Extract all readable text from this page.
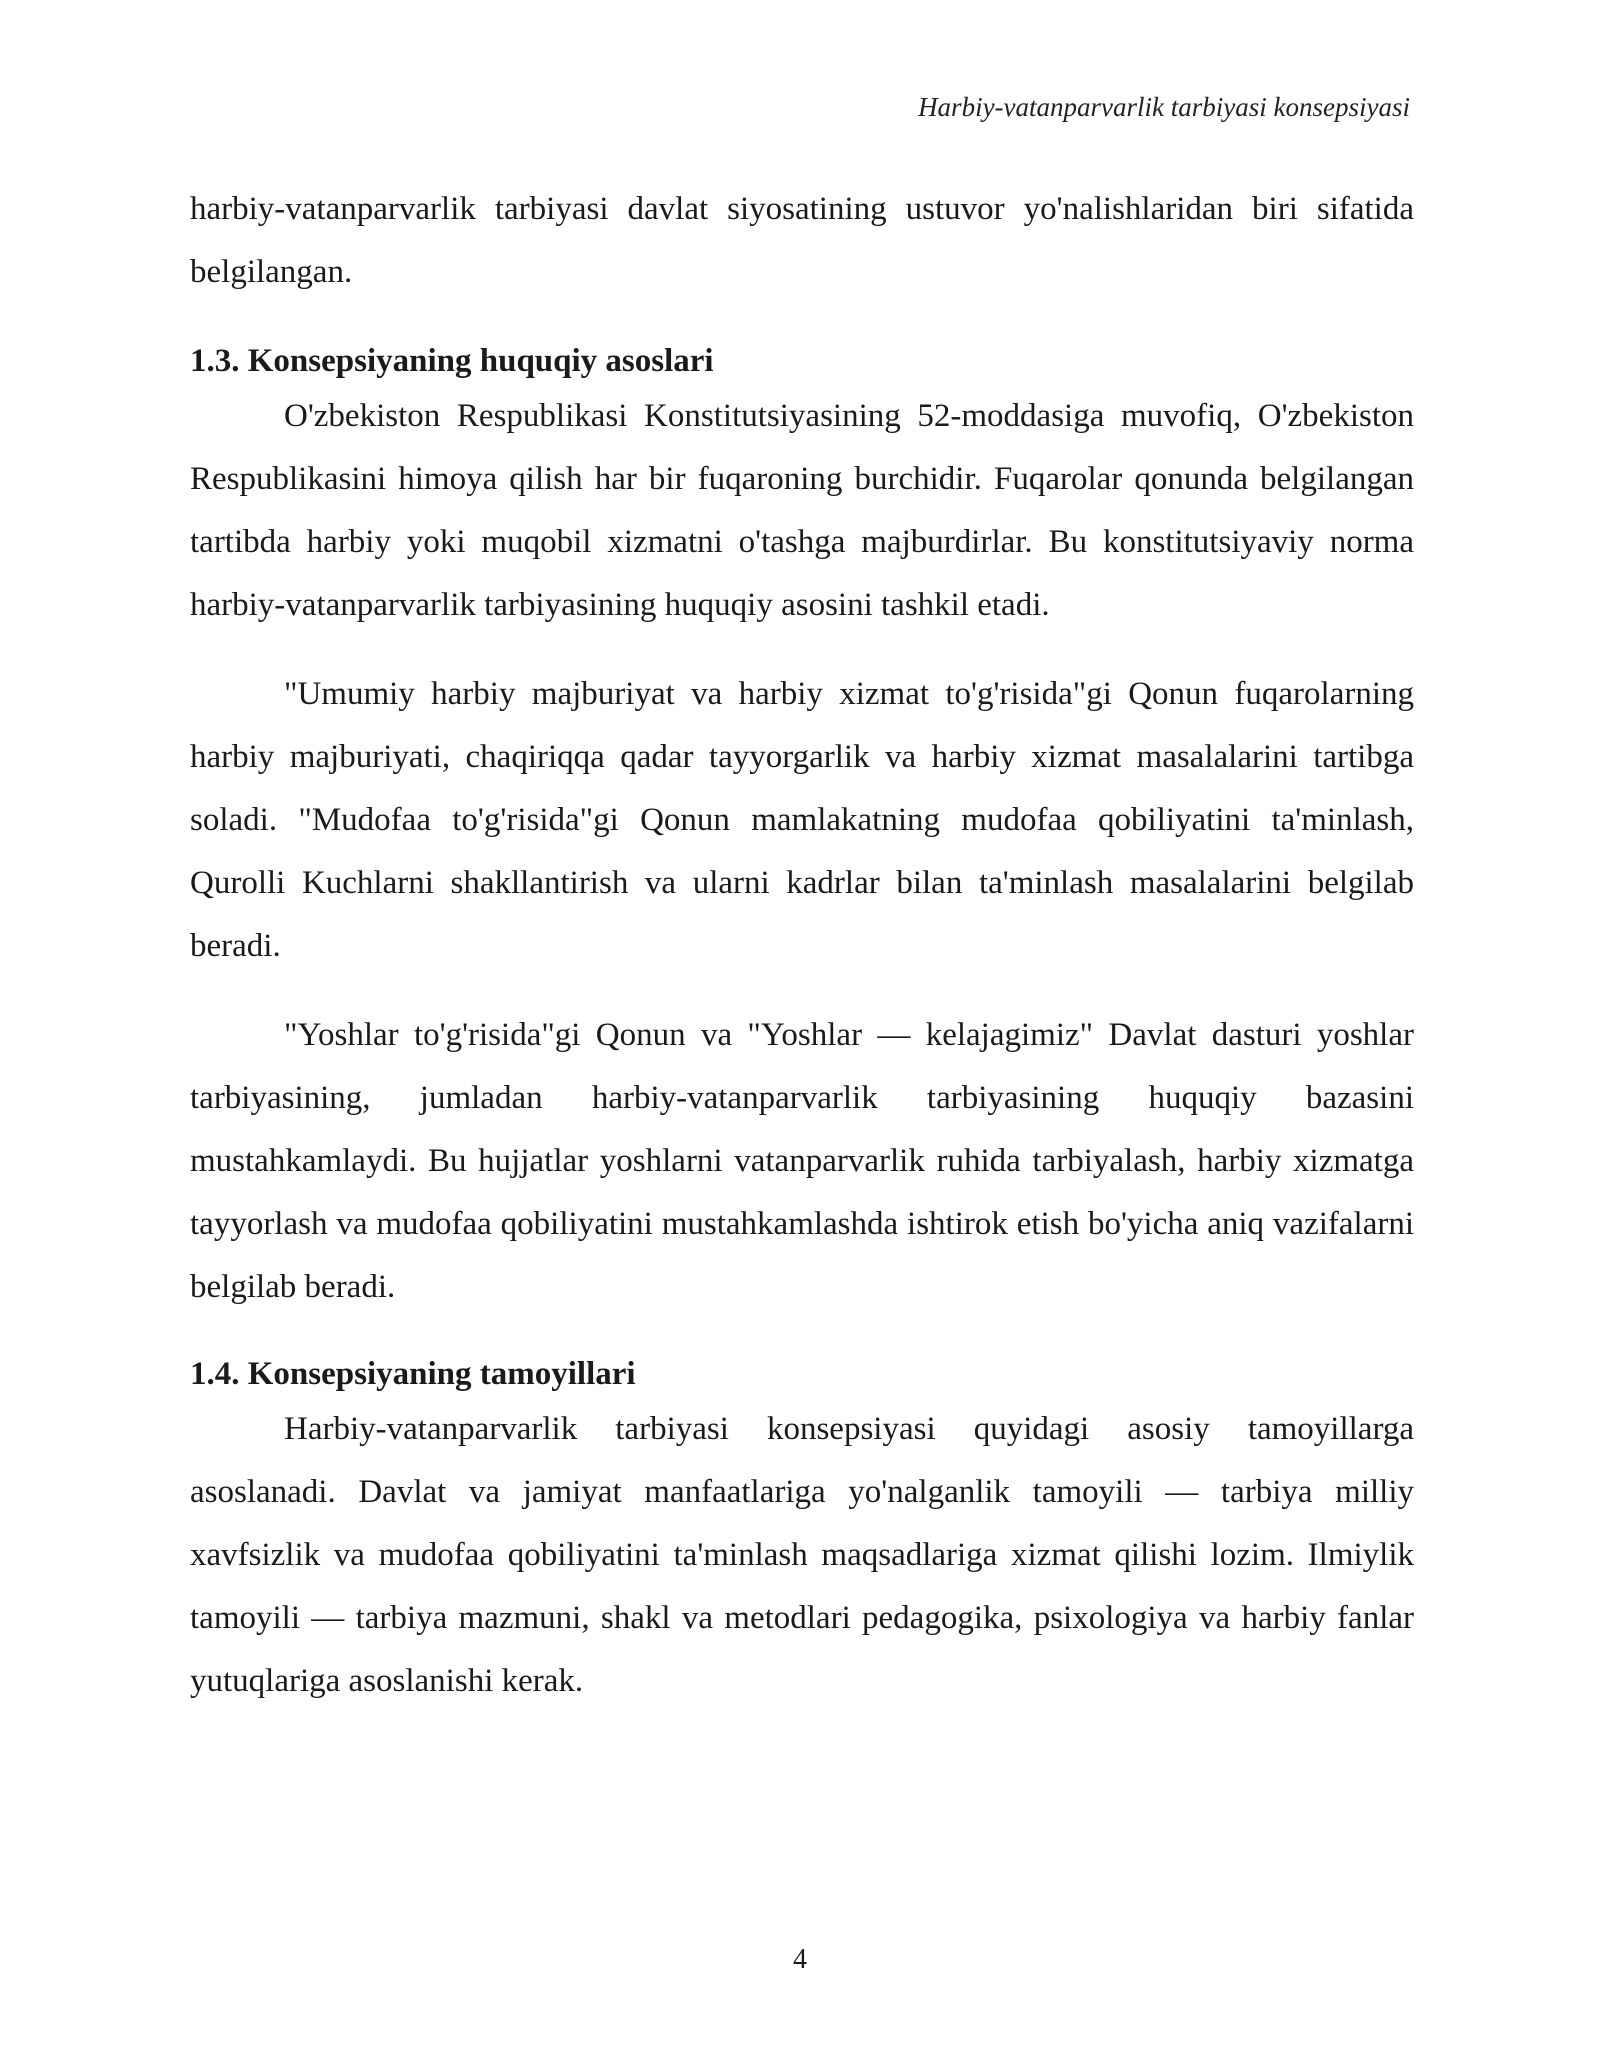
Harbiy-vatanparvarlik tarbiyasi konsepsiyasi

harbiy-vatanparvarlik tarbiyasi davlat siyosatining ustuvor yo'nalishlaridan biri sifatida belgilangan.

1.3. Konsepsiyaning huquqiy asoslari

O'zbekiston Respublikasi Konstitutsiyasining 52-moddasiga muvofiq, O'zbekiston Respublikasini himoya qilish har bir fuqaroning burchidir. Fuqarolar qonunda belgilangan tartibda harbiy yoki muqobil xizmatni o'tashga majburdirlar. Bu konstitutsiyaviy norma harbiy-vatanparvarlik tarbiyasining huquqiy asosini tashkil etadi.

"Umumiy harbiy majburiyat va harbiy xizmat to'g'risida"gi Qonun fuqarolarning harbiy majburiyati, chaqiriqqa qadar tayyorgarlik va harbiy xizmat masalalarini tartibga soladi. "Mudofaa to'g'risida"gi Qonun mamlakatning mudofaa qobiliyatini ta'minlash, Qurolli Kuchlarni shakllantirish va ularni kadrlar bilan ta'minlash masalalarini belgilab beradi.

"Yoshlar to'g'risida"gi Qonun va "Yoshlar — kelajagimiz" Davlat dasturi yoshlar tarbiyasining, jumladan harbiy-vatanparvarlik tarbiyasining huquqiy bazasini mustahkamlaydi. Bu hujjatlar yoshlarni vatanparvarlik ruhida tarbiyalash, harbiy xizmatga tayyorlash va mudofaa qobiliyatini mustahkamlashda ishtirok etish bo'yicha aniq vazifalarni belgilab beradi.

1.4. Konsepsiyaning tamoyillari

Harbiy-vatanparvarlik tarbiyasi konsepsiyasi quyidagi asosiy tamoyillarga asoslanadi. Davlat va jamiyat manfaatlariga yo'nalganlik tamoyili — tarbiya milliy xavfsizlik va mudofaa qobiliyatini ta'minlash maqsadlariga xizmat qilishi lozim. Ilmiylik tamoyili — tarbiya mazmuni, shakl va metodlari pedagogika, psixologiya va harbiy fanlar yutuqlariga asoslanishi kerak.

4
